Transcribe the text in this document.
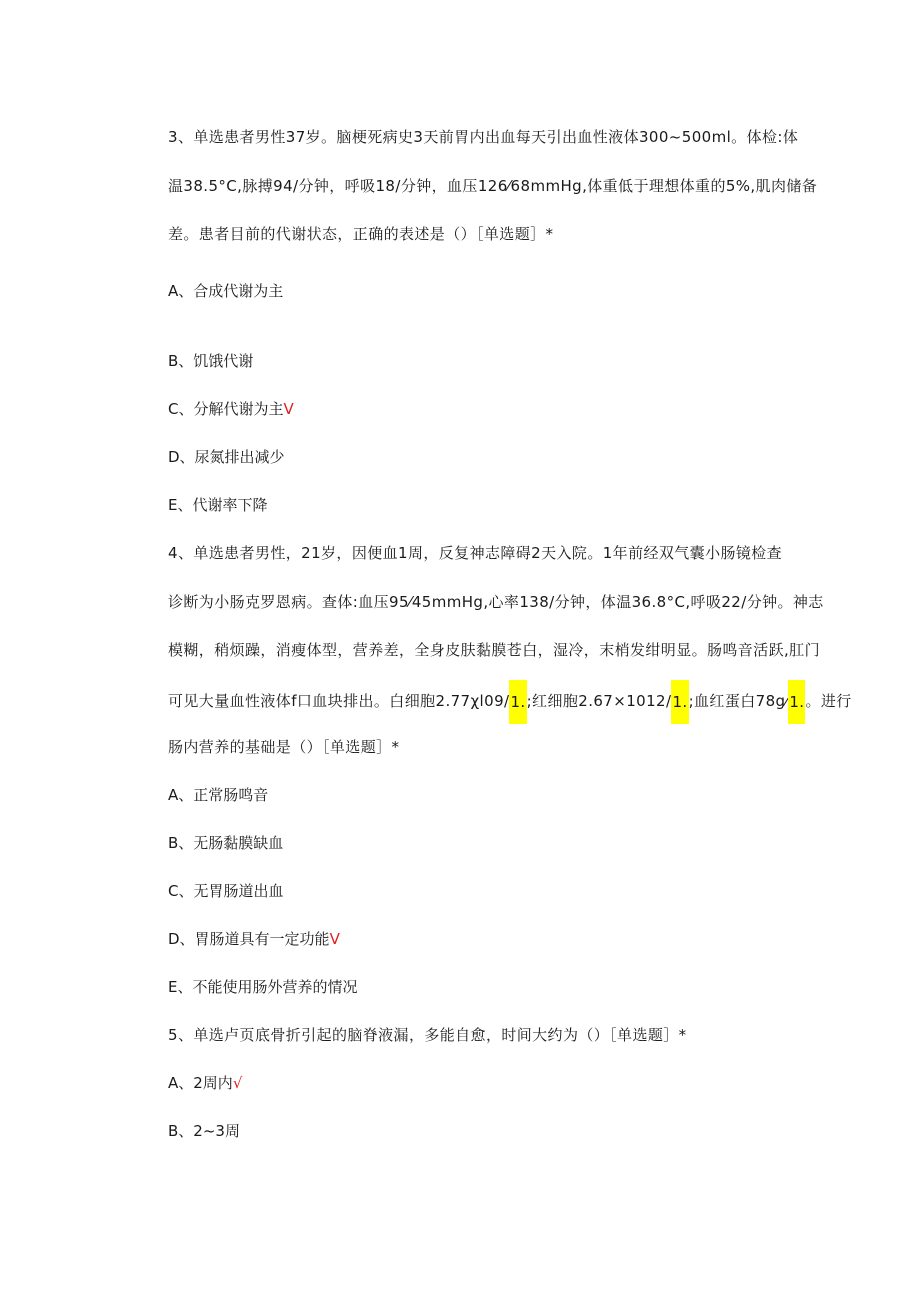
3、单选患者男性37岁。脑梗死病史3天前胃内出血每天引出血性液体300~500ml。体检:体
温38.5°C,脉搏94/分钟，呼吸18/分钟，血压126⁄68mmHg,体重低于理想体重的5%,肌肉储备
差。患者目前的代谢状态，正确的表述是（）［单选题］*
A、合成代谢为主
B、饥饿代谢
C、分解代谢为主V
D、尿氮排出减少
E、代谢率下降
4、单选患者男性，21岁，因便血1周，反复神志障碍2天入院。1年前经双气囊小肠镜检查
诊断为小肠克罗恩病。查体:血压95⁄45mmHg,心率138/分钟，体温36.8°C,呼吸22/分钟。神志
模糊，稍烦躁，消瘦体型，营养差，全身皮肤黏膜苍白，湿冷，末梢发绀明显。肠鸣音活跃,肛门
可见大量血性液体f口血块排出。白细胞2.77χl09/1.;红细胞2.67×1012/1.;血红蛋白78g⁄1.。进行
肠内营养的基础是（）［单选题］*
A、正常肠鸣音
B、无肠黏膜缺血
C、无胃肠道出血
D、胃肠道具有一定功能V
E、不能使用肠外营养的情况
5、单选卢页底骨折引起的脑脊液漏，多能自愈，时间大约为（）［单选题］*
A、2周内√
B、2~3周
